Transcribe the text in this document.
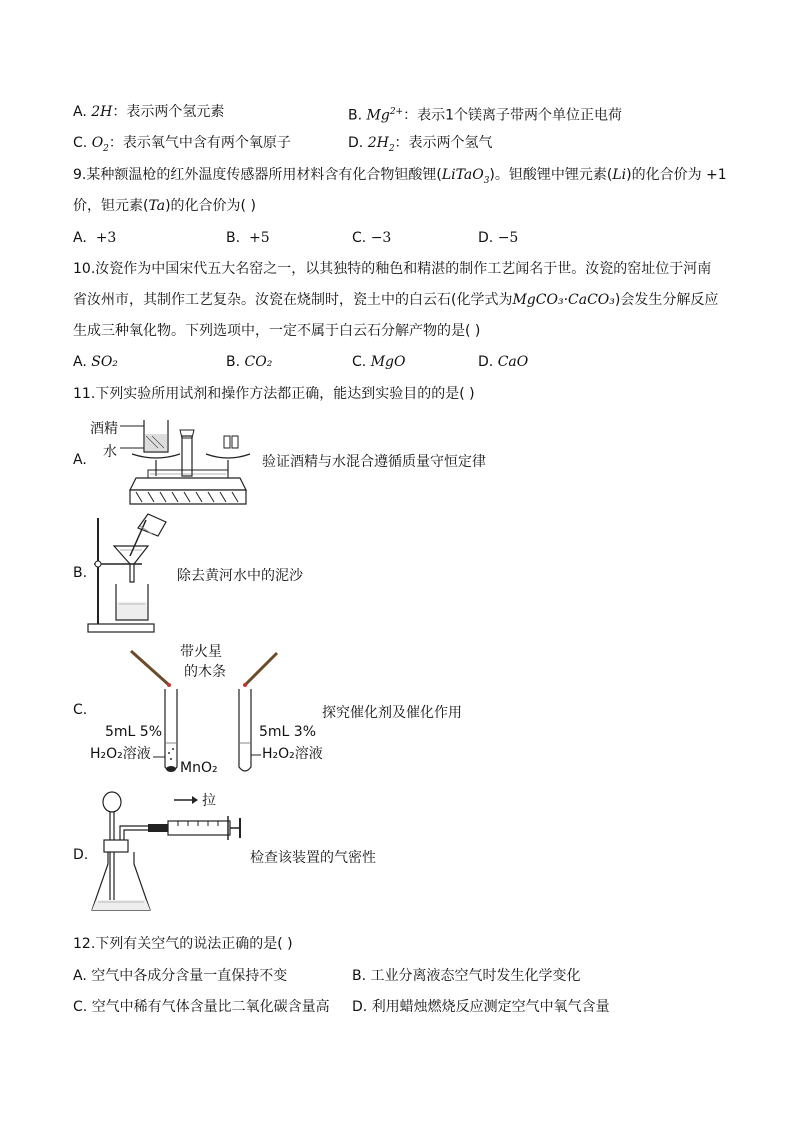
A. 2H：表示两个氢元素	B. $Mg^{2+}$：表示1个镁离子带两个单位正电荷
C. $O_2$：表示氧气中含有两个氧原子	D. $2H_2$：表示两个氢气
9.某种额温枪的红外温度传感器所用材料含有化合物钽酸锂(LiTaO$_3$)。钽酸锂中锂元素(Li)的化合价为 +1
价，钽元素(Ta)的化合价为( )
A. +3	B. +5	C. −3	D. −5
10.汝瓷作为中国宋代五大名窑之一，以其独特的釉色和精湛的制作工艺闻名于世。汝瓷的窑址位于河南
省汝州市，其制作工艺复杂。汝瓷在烧制时，瓷土中的白云石(化学式为MgCO₃·CaCO₃)会发生分解反应
生成三种氧化物。下列选项中，一定不属于白云石分解产物的是( )
A. SO₂	B. CO₂	C. MgO	D. CaO
11.下列实验所用试剂和操作方法都正确，能达到实验目的的是( )
A.
酒精
水
验证酒精与水混合遵循质量守恒定律
B.	除去黄河水中的泥沙
C.
带火星
的木条
5mL 5%
H₂O₂溶液
MnO₂
5mL 3%
H₂O₂溶液
探究催化剂及催化作用
D.
拉
检查该装置的气密性
12.下列有关空气的说法正确的是( )
A. 空气中各成分含量一直保持不变	B. 工业分离液态空气时发生化学变化
C. 空气中稀有气体含量比二氧化碳含量高 D. 利用蜡烛燃烧反应测定空气中氧气含量
